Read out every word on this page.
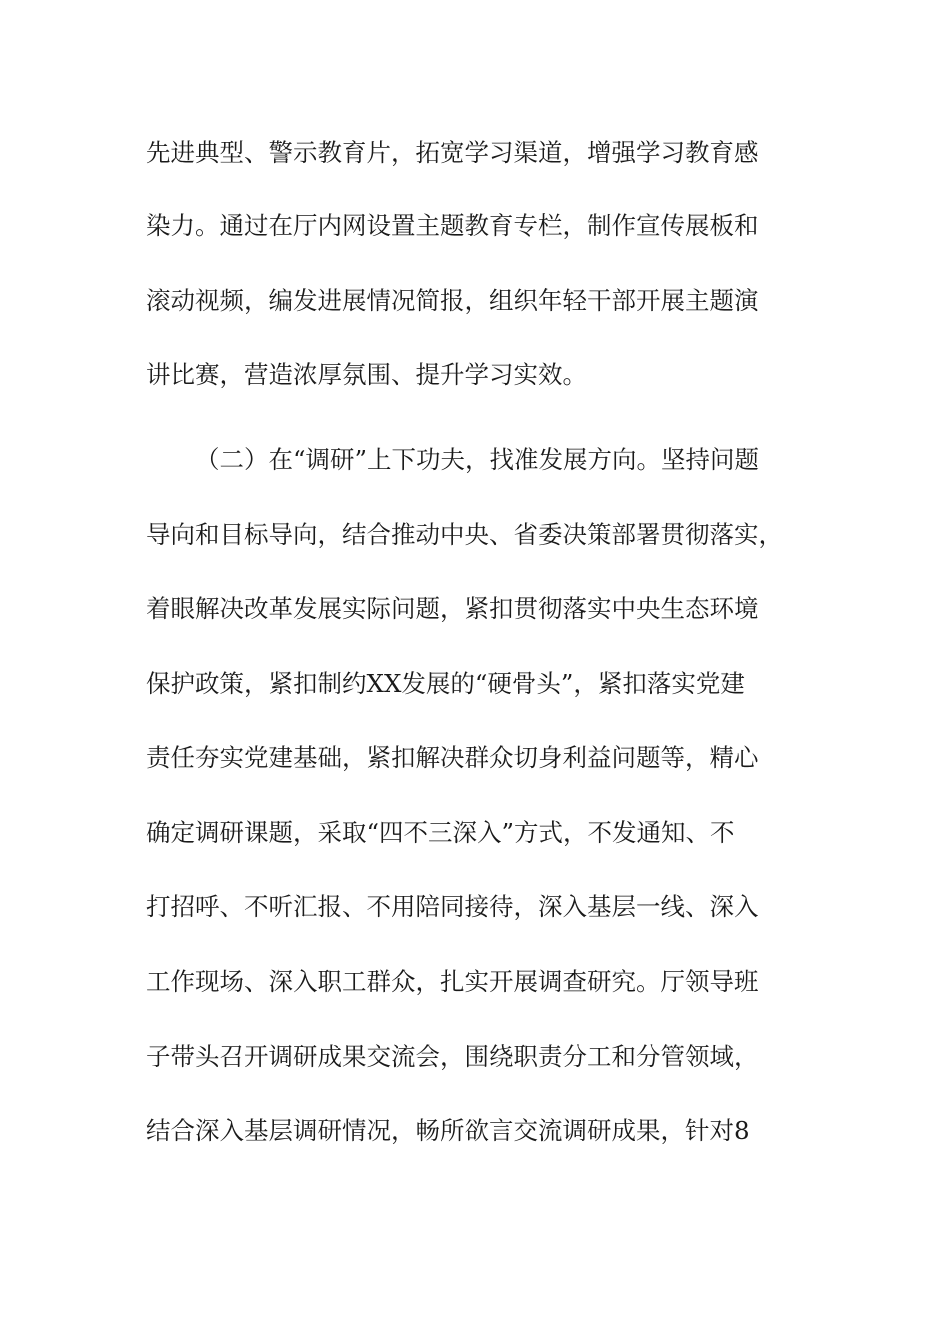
先进典型、警示教育片，拓宽学习渠道，增强学习教育感
染力。通过在厅内网设置主题教育专栏，制作宣传展板和
滚动视频，编发进展情况简报，组织年轻干部开展主题演
讲比赛，营造浓厚氛围、提升学习实效。
（二）在“调研”上下功夫，找准发展方向。坚持问题
导向和目标导向，结合推动中央、省委决策部署贯彻落实，
着眼解决改革发展实际问题，紧扣贯彻落实中央生态环境
保护政策，紧扣制约XX发展的“硬骨头”，紧扣落实党建
责任夯实党建基础，紧扣解决群众切身利益问题等，精心
确定调研课题，采取“四不三深入”方式，不发通知、不
打招呼、不听汇报、不用陪同接待，深入基层一线、深入
工作现场、深入职工群众，扎实开展调查研究。厅领导班
子带头召开调研成果交流会，围绕职责分工和分管领域，
结合深入基层调研情况，畅所欲言交流调研成果，针对8
